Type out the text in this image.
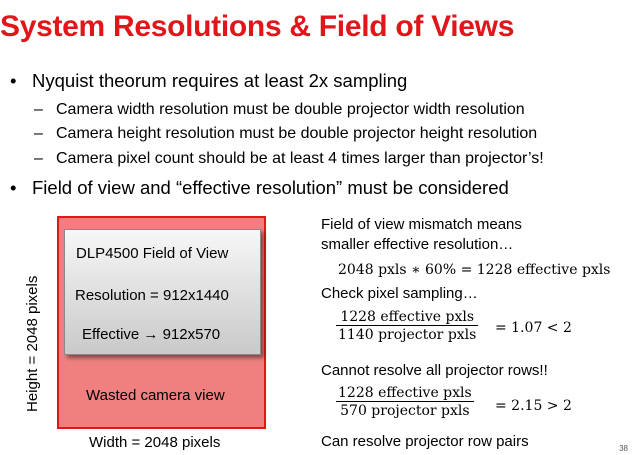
System Resolutions & Field of Views
• Nyquist theorum requires at least 2x sampling
– Camera width resolution must be double projector width resolution
– Camera height resolution must be double projector height resolution
– Camera pixel count should be at least 4 times larger than projector’s!
• Field of view and “effective resolution” must be considered
DLP4500 Field of View
Resolution = 912x1440
Effective → 912x570
Wasted camera view
Width = 2048 pixels
Height = 2048 pixels
Field of view mismatch means
smaller effective resolution…
2048 pxls ∗ 60% = 1228 effective pxls
Check pixel sampling…
1228 effective pxls
1140 projector pxls = 1.07 < 2
Cannot resolve all projector rows!!
1228 effective pxls
570 projector pxls = 2.15 > 2
Can resolve projector row pairs	38
